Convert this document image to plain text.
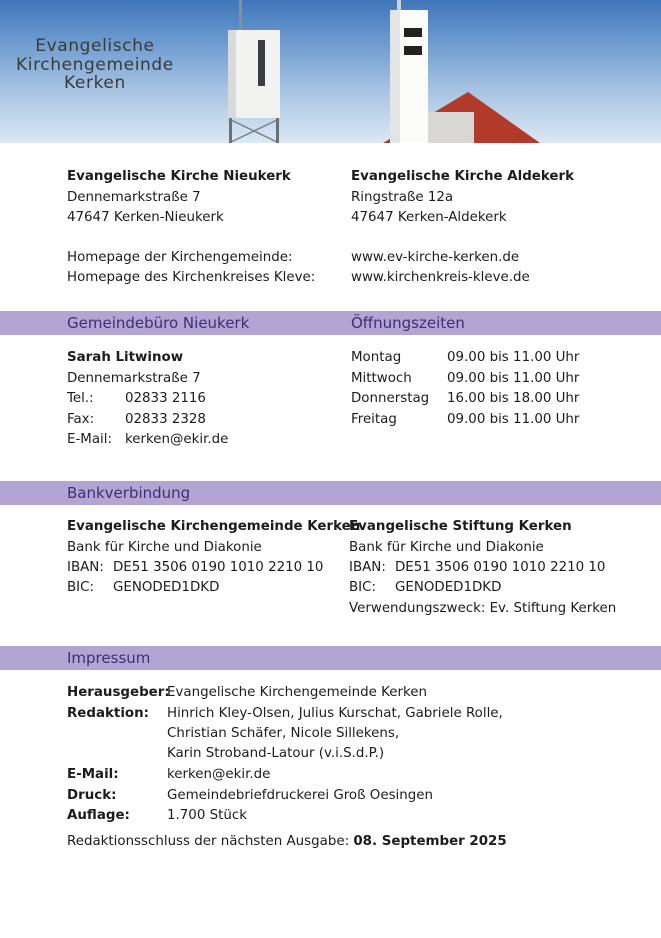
Evangelische
Kirchengemeinde
Kerken

Evangelische Kirche Nieukerk

Dennemarkstraße 7

47647 Kerken-Nieukerk

Evangelische Kirche Aldekerk

Ringstraße 12a

47647 Kerken-Aldekerk

Homepage der Kirchengemeinde:	www.ev-kirche-kerken.de

Homepage des Kirchenkreises Kleve:	www.kirchenkreis-kleve.de

Gemeindebüro Nieukerk	Öffnungszeiten

Sarah Litwinow

Dennemarkstraße 7

Tel.: 02833 2116

Fax: 02833 2328

E-Mail: kerken@ekir.de

Montag	09.00 bis 11.00 Uhr

Mittwoch	09.00 bis 11.00 Uhr

Donnerstag 16.00 bis 18.00 Uhr

Freitag	09.00 bis 11.00 Uhr

Bankverbindung

Evangelische Kirchengemeinde Kerken

Bank für Kirche und Diakonie

IBAN: DE51 3506 0190 1010 2210 10

BIC: GENODED1DKD

Evangelische Stiftung Kerken

Bank für Kirche und Diakonie

IBAN: DE51 3506 0190 1010 2210 10

BIC: GENODED1DKD

Verwendungszweck: Ev. Stiftung Kerken

Impressum

Herausgeber:

Evangelische Kirchengemeinde Kerken

Redaktion: Hinrich Kley-Olsen, Julius Kurschat, Gabriele Rolle,

Christian Schäfer, Nicole Sillekens,

Karin Stroband-Latour (v.i.S.d.P.)

E-Mail:	kerken@ekir.de

Druck:	Gemeindebriefdruckerei Groß Oesingen

Auflage:	1.700 Stück

Redaktionsschluss der nächsten Ausgabe: 08. September 2025
